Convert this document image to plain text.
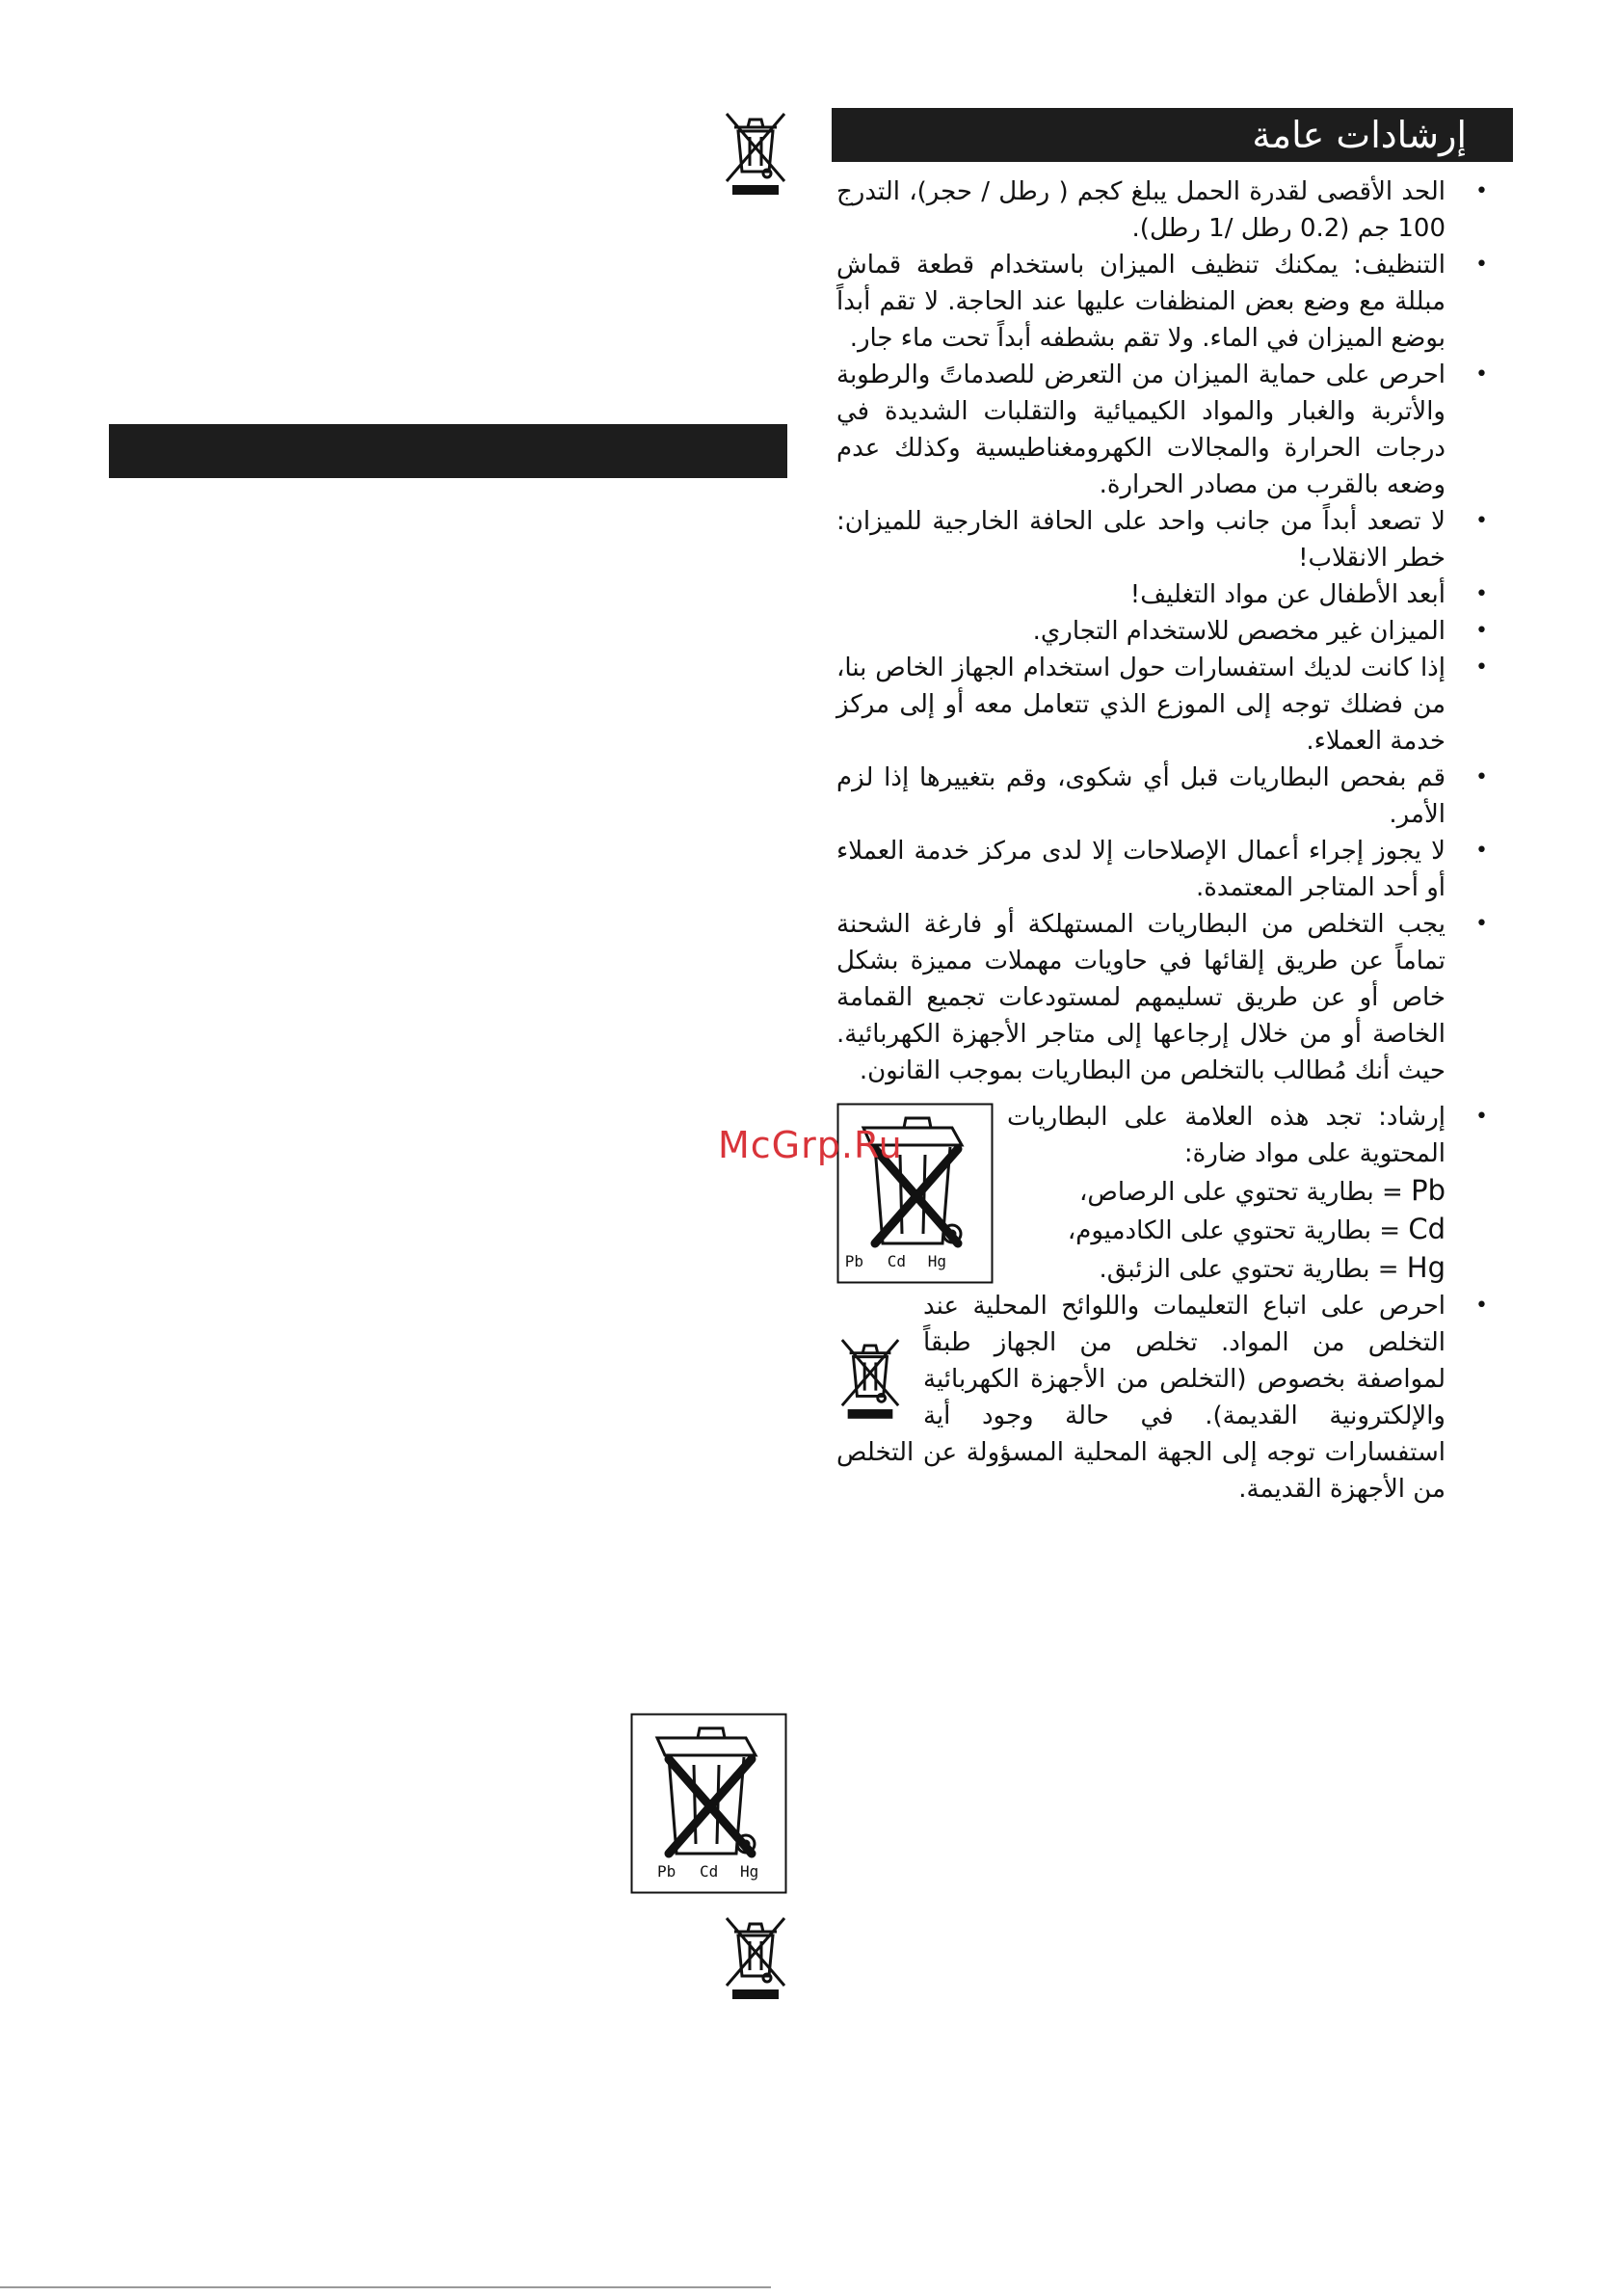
إرشادات عامة
• الحد الأقصى لقدرة الحمل يبلغ كجم ( رطل / حجر)، التدرج 100 جم (0.2 رطل /1 رطل).
• التنظيف: يمكنك تنظيف الميزان باستخدام قطعة قماش مبللة مع وضع بعض المنظفات عليها عند الحاجة. لا تقم أبداً بوضع الميزان في الماء. ولا تقم بشطفه أبداً تحت ماء جار.
• احرص على حماية الميزان من التعرض للصدماتً والرطوبة والأتربة والغبار والمواد الكيميائية والتقلبات الشديدة في درجات الحرارة والمجالات الكهرومغناطيسية وكذلك عدم وضعه بالقرب من مصادر الحرارة.
• لا تصعد أبداً من جانب واحد على الحافة الخارجية للميزان: خطر الانقلاب!
• أبعد الأطفال عن مواد التغليف!
• الميزان غير مخصص للاستخدام التجاري.
• إذا كانت لديك استفسارات حول استخدام الجهاز الخاص بنا، من فضلك توجه إلى الموزع الذي تتعامل معه أو إلى مركز خدمة العملاء.
• قم بفحص البطاريات قبل أي شكوى، وقم بتغييرها إذا لزم الأمر.
• لا يجوز إجراء أعمال الإصلاحات إلا لدى مركز خدمة العملاء أو أحد المتاجر المعتمدة.
• يجب التخلص من البطاريات المستهلكة أو فارغة الشحنة تماماً عن طريق إلقائها في حاويات مهملات مميزة بشكل خاص أو عن طريق تسليمهم لمستودعات تجميع القمامة الخاصة أو من خلال إرجاعها إلى متاجر الأجهزة الكهربائية. حيث أنك مُطالب بالتخلص من البطاريات بموجب القانون.
• Pb Cd Hg
إرشاد: تجد هذه العلامة على البطاريات المحتوية على مواد ضارة:

Pb = بطارية تحتوي على الرصاص،

Cd = بطارية تحتوي على الكادميوم،

Hg = بطارية تحتوي على الزئبق.

• احرص على اتباع التعليمات واللوائح المحلية عند التخلص من المواد. تخلص من الجهاز طبقاً لمواصفة بخصوص (التخلص من الأجهزة الكهربائية والإلكترونية القديمة). في حالة وجود أية استفسارات توجه إلى الجهة المحلية المسؤولة عن التخلص من الأجهزة القديمة.
McGrp.Ru
Pb Cd Hg
